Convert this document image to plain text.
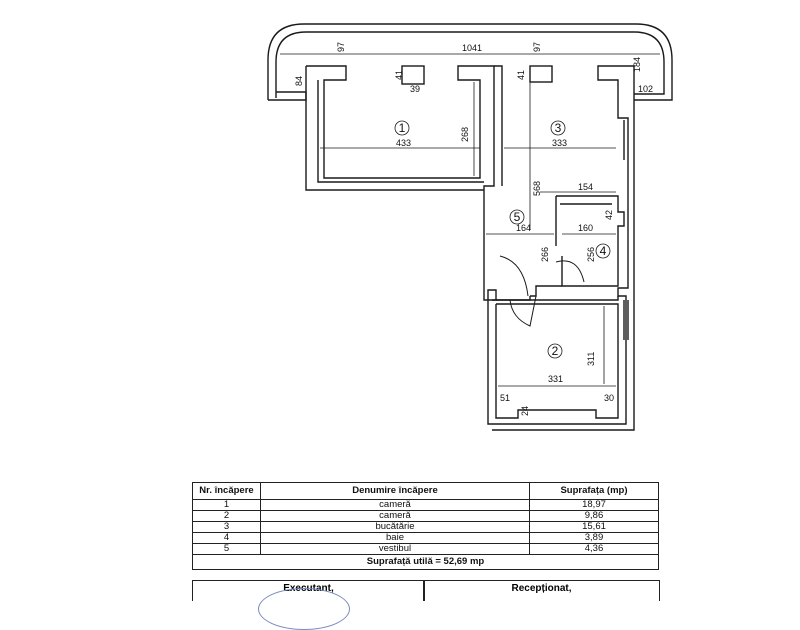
1
2
3
4
5
1041
97	97
84
184
102
41
39
41
433
268
333
568	154
42
164	160
266	256
311
331
51
24
30
Nr. încăpere	Denumire încăpere	Suprafața (mp)
1	cameră	18,97
2	cameră	9,86
3	bucătărie	15,61
4	baie	3,89
5	vestibul	4,36
Suprafață utilă = 52,69 mp		
Executant,	Recepționat,
